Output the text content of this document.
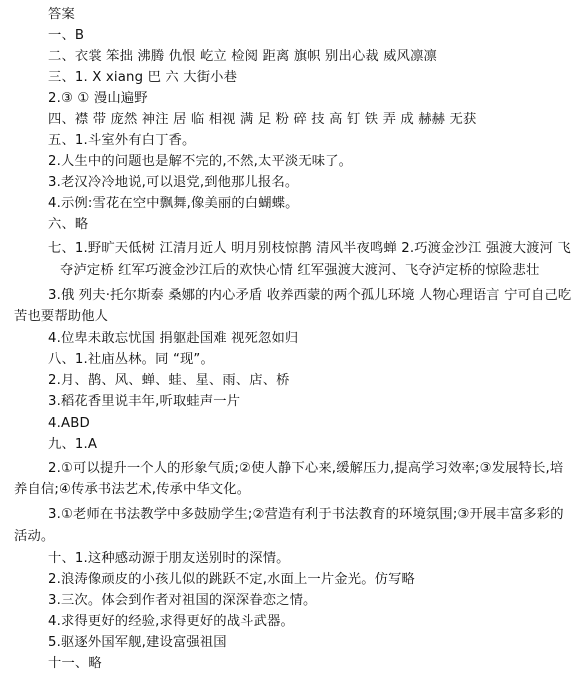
答案
一、B
二、衣裳 笨拙 沸腾 仇恨 屹立 检阅 距离 旗帜 别出心裁 威风凛凛
三、1. X xiang 巴 六 大街小巷
2.③ ① 漫山遍野
四、襟 带 庞然 神注 居 临 相视 满 足 粉 碎 技 高 钉 铁 弄 成 赫赫 无获
五、1.斗室外有白丁香。
2.人生中的问题也是解不完的,不然,太平淡无味了。
3.老汉冷冷地说,可以退党,到他那儿报名。
4.示例:雪花在空中飘舞,像美丽的白蝴蝶。
六、略
七、1.野旷天低树 江清月近人 明月别枝惊鹊 清风半夜鸣蝉 2.巧渡金沙江 强渡大渡河 飞夺泸定桥 红军巧渡金沙江后的欢快心情 红军强渡大渡河、飞夺泸定桥的惊险悲壮
3.俄 列夫·托尔斯泰 桑娜的内心矛盾 收养西蒙的两个孤儿环境 人物心理语言 宁可自己吃苦也要帮助他人
4.位卑未敢忘忧国 捐躯赴国难 视死忽如归
八、1.社庙丛林。同 “现”。
2.月、鹊、风、蝉、蛙、星、雨、店、桥
3.稻花香里说丰年,听取蛙声一片
4.ABD
九、1.A
2.①可以提升一个人的形象气质;②使人静下心来,缓解压力,提高学习效率;③发展特长,培养自信;④传承书法艺术,传承中华文化。
3.①老师在书法教学中多鼓励学生;②营造有利于书法教育的环境氛围;③开展丰富多彩的活动。
十、1.这种感动源于朋友送别时的深情。
2.浪涛像顽皮的小孩儿似的跳跃不定,水面上一片金光。仿写略
3.三次。体会到作者对祖国的深深眷恋之情。
4.求得更好的经验,求得更好的战斗武器。
5.驱逐外国军舰,建设富强祖国
十一、略
